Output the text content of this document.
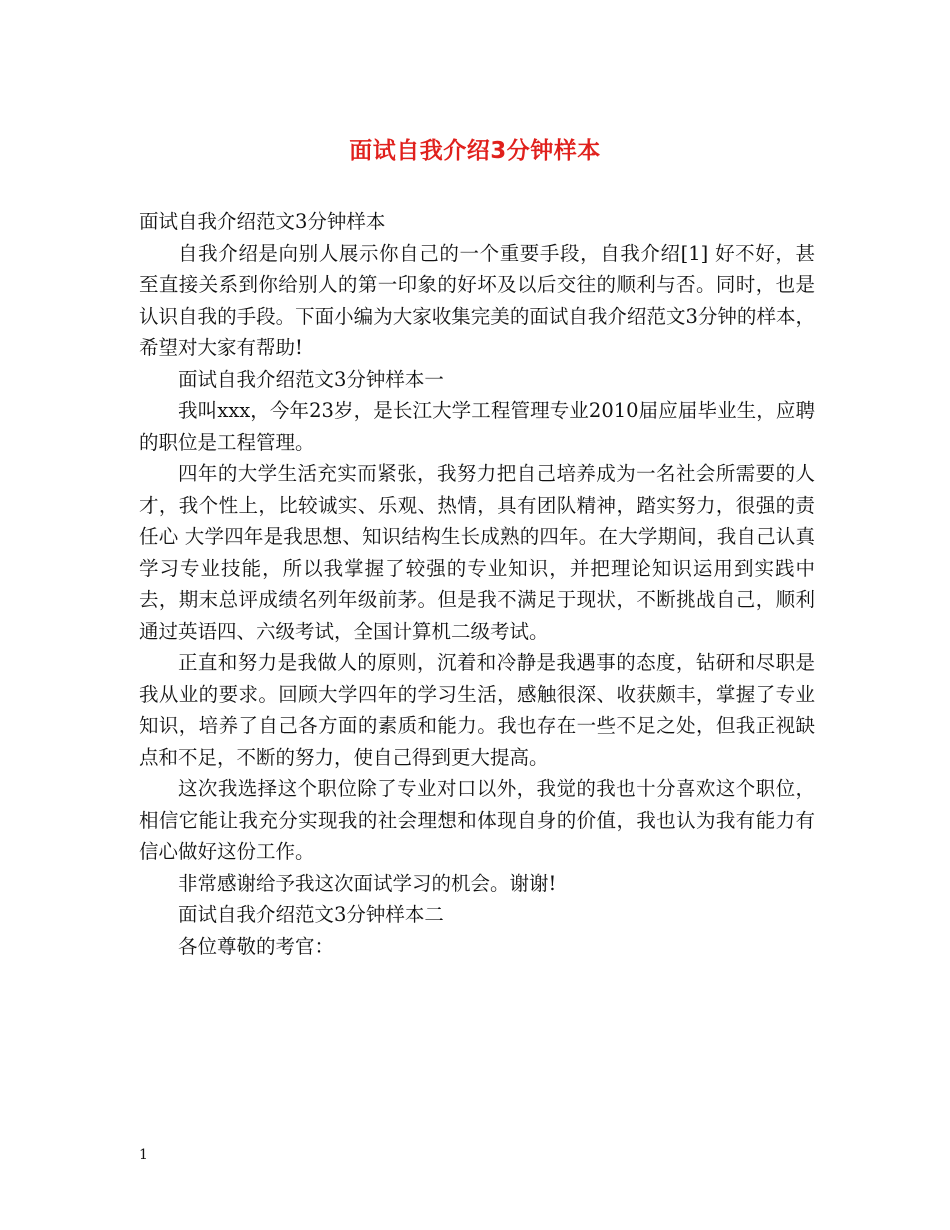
面试自我介绍3分钟样本

面试自我介绍范文3分钟样本

自我介绍是向别人展示你自己的一个重要手段，自我介绍[1] 好不好，甚至直接关系到你给别人的第一印象的好坏及以后交往的顺利与否。同时，也是认识自我的手段。下面小编为大家收集完美的面试自我介绍范文3分钟的样本，希望对大家有帮助!

面试自我介绍范文3分钟样本一

我叫xxx，今年23岁，是长江大学工程管理专业2010届应届毕业生，应聘的职位是工程管理。

四年的大学生活充实而紧张，我努力把自己培养成为一名社会所需要的人才，我个性上，比较诚实、乐观、热情，具有团队精神，踏实努力，很强的责任心 大学四年是我思想、知识结构生长成熟的四年。在大学期间，我自己认真学习专业技能，所以我掌握了较强的专业知识，并把理论知识运用到实践中去，期末总评成绩名列年级前茅。但是我不满足于现状，不断挑战自己，顺利通过英语四、六级考试，全国计算机二级考试。

正直和努力是我做人的原则，沉着和冷静是我遇事的态度，钻研和尽职是我从业的要求。回顾大学四年的学习生活，感触很深、收获颇丰，掌握了专业知识，培养了自己各方面的素质和能力。我也存在一些不足之处，但我正视缺点和不足，不断的努力，使自己得到更大提高。

这次我选择这个职位除了专业对口以外，我觉的我也十分喜欢这个职位，相信它能让我充分实现我的社会理想和体现自身的价值，我也认为我有能力有信心做好这份工作。

非常感谢给予我这次面试学习的机会。谢谢!

面试自我介绍范文3分钟样本二

各位尊敬的考官：

1
